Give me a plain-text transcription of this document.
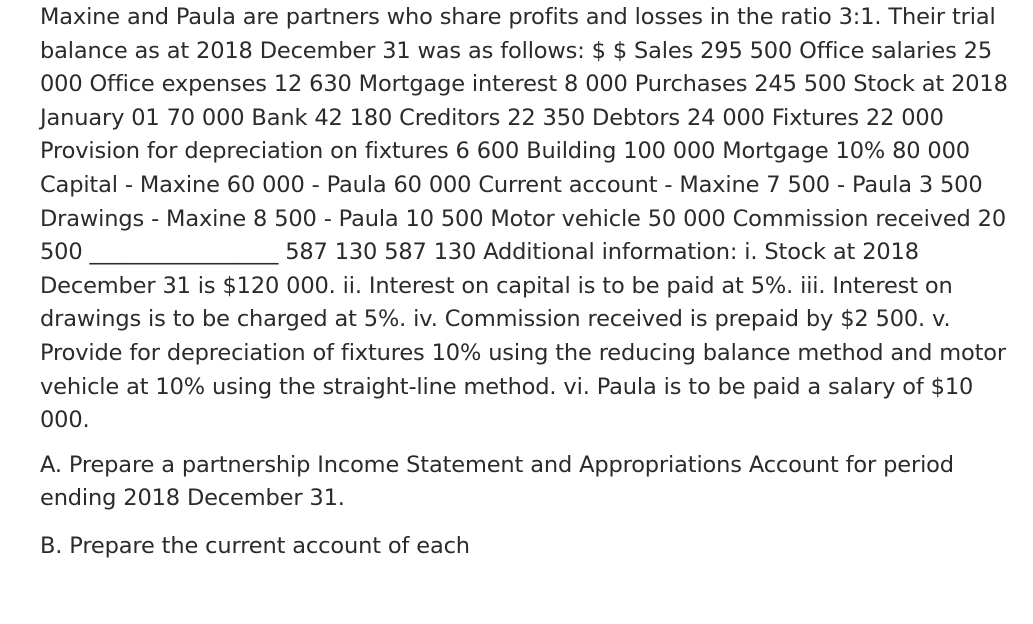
Maxine and Paula are partners who share profits and losses in the ratio 3:1. Their trial balance as at 2018 December 31 was as follows: $ $ Sales 295 500 Office salaries 25 000 Office expenses 12 630 Mortgage interest 8 000 Purchases 245 500 Stock at 2018 January 01 70 000 Bank 42 180 Creditors 22 350 Debtors 24 000 Fixtures 22 000 Provision for depreciation on fixtures 6 600 Building 100 000 Mortgage 10% 80 000 Capital - Maxine 60 000 - Paula 60 000 Current account - Maxine 7 500 - Paula 3 500 Drawings - Maxine 8 500 - Paula 10 500 Motor vehicle 50 000 Commission received 20 500 _________________ 587 130 587 130 Additional information: i. Stock at 2018 December 31 is $120 000. ii. Interest on capital is to be paid at 5%. iii. Interest on drawings is to be charged at 5%. iv. Commission received is prepaid by $2 500. v. Provide for depreciation of fixtures 10% using the reducing balance method and motor vehicle at 10% using the straight-line method. vi. Paula is to be paid a salary of $10 000.

A. Prepare a partnership Income Statement and Appropriations Account for period ending 2018 December 31.

B. Prepare the current account of each
